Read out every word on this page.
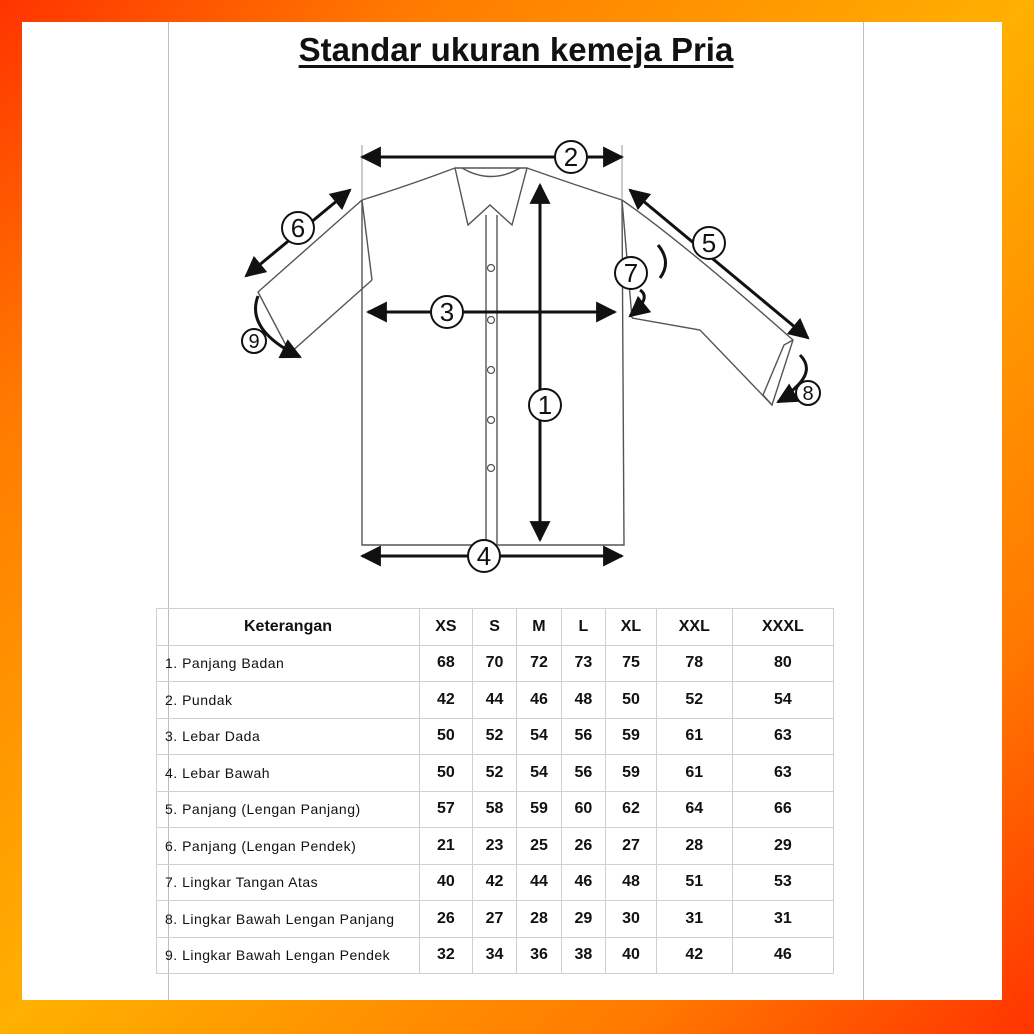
2
1
3
4
5
6
7
8
9
Standar ukuran kemeja Pria
Keterangan	XS	S	M	L	XL	XXL	XXXL
1. Panjang Badan	68	70	72	73	75	78	80
2. Pundak	42	44	46	48	50	52	54
3. Lebar Dada	50	52	54	56	59	61	63
4. Lebar Bawah	50	52	54	56	59	61	63
5. Panjang (Lengan Panjang)	57	58	59	60	62	64	66
6. Panjang (Lengan Pendek)	21	23	25	26	27	28	29
7. Lingkar Tangan Atas	40	42	44	46	48	51	53
8. Lingkar Bawah Lengan Panjang	26	27	28	29	30	31	31
9. Lingkar Bawah Lengan Pendek	32	34	36	38	40	42	46
